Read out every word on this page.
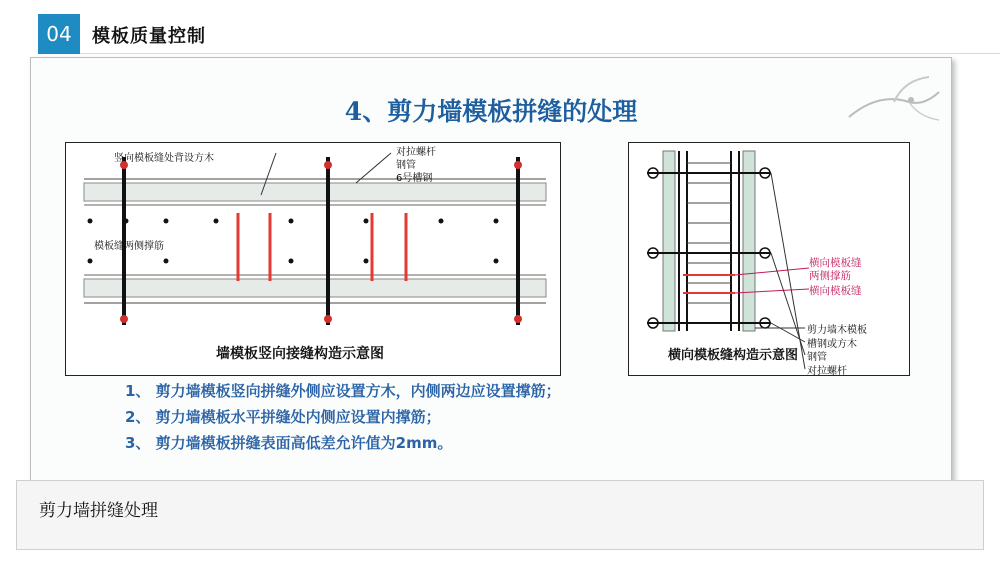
04	模板质量控制
4、剪力墙模板拼缝的处理
竖向模板缝处背设方木
对拉螺杆
钢管
6号槽钢
模板缝两侧撑筋
墙模板竖向接缝构造示意图
横向模板缝
两侧撑筋
横向模板缝
剪力墙木模板
槽钢或方木
钢管
对拉螺杆
横向模板缝构造示意图
1、 剪力墙模板竖向拼缝外侧应设置方木，内侧两边应设置撑筋；
2、 剪力墙模板水平拼缝处内侧应设置内撑筋；
3、 剪力墙模板拼缝表面高低差允许值为2mm。
剪力墙拼缝处理
